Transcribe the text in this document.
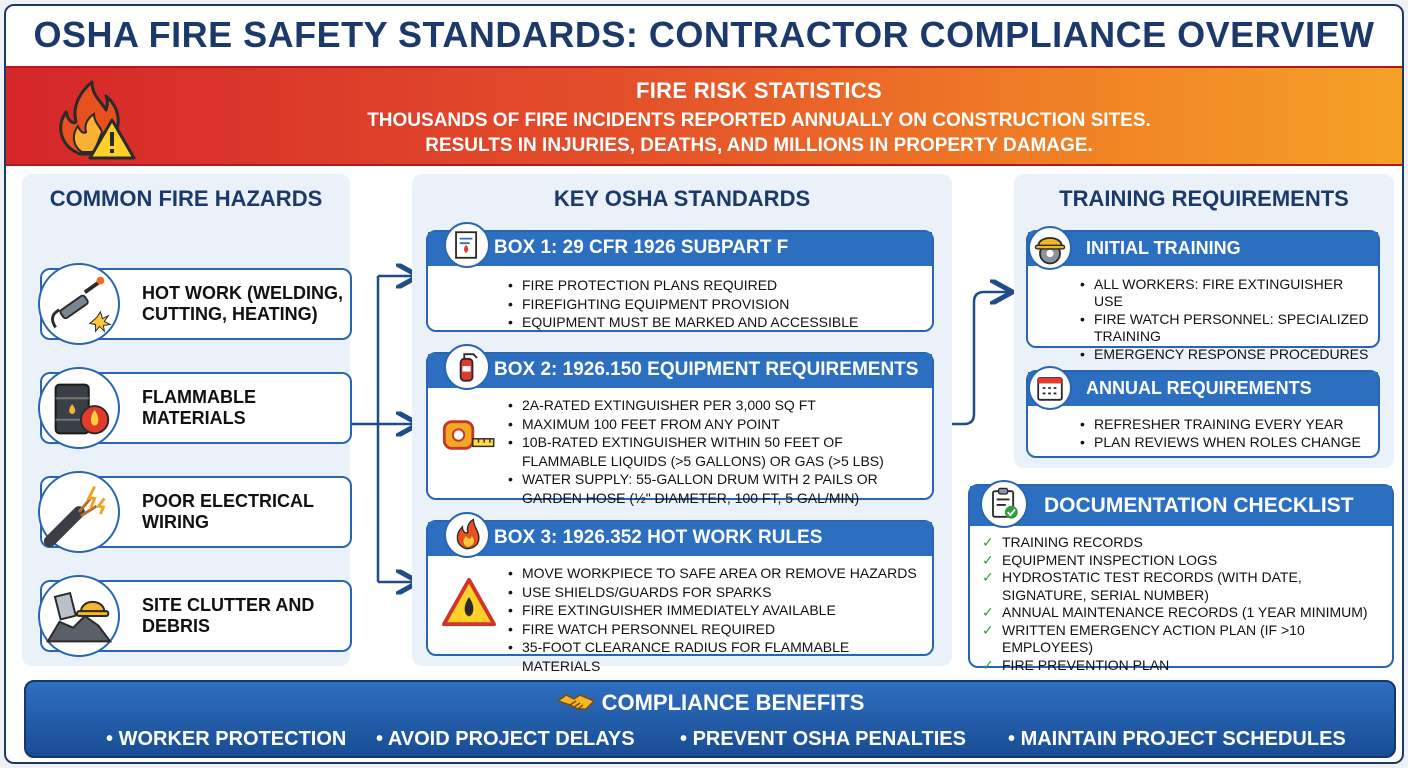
OSHA FIRE SAFETY STANDARDS: CONTRACTOR COMPLIANCE OVERVIEW
FIRE RISK STATISTICS
THOUSANDS OF FIRE INCIDENTS REPORTED ANNUALLY ON CONSTRUCTION SITES.
RESULTS IN INJURIES, DEATHS, AND MILLIONS IN PROPERTY DAMAGE.
COMMON FIRE HAZARDS
HOT WORK (WELDING, CUTTING, HEATING)
FLAMMABLE MATERIALS
POOR ELECTRICAL WIRING
SITE CLUTTER AND DEBRIS
KEY OSHA STANDARDS
BOX 1: 29 CFR 1926 SUBPART F
• FIRE PROTECTION PLANS REQUIRED
• FIREFIGHTING EQUIPMENT PROVISION
• EQUIPMENT MUST BE MARKED AND ACCESSIBLE
BOX 2: 1926.150 EQUIPMENT REQUIREMENTS
• 2A-RATED EXTINGUISHER PER 3,000 SQ FT
• MAXIMUM 100 FEET FROM ANY POINT
• 10B-RATED EXTINGUISHER WITHIN 50 FEET OF FLAMMABLE LIQUIDS (>5 GALLONS) OR GAS (>5 LBS)
• WATER SUPPLY: 55-GALLON DRUM WITH 2 PAILS OR GARDEN HOSE (½" DIAMETER, 100 FT, 5 GAL/MIN)
BOX 3: 1926.352 HOT WORK RULES
• MOVE WORKPIECE TO SAFE AREA OR REMOVE HAZARDS
• USE SHIELDS/GUARDS FOR SPARKS
• FIRE EXTINGUISHER IMMEDIATELY AVAILABLE
• FIRE WATCH PERSONNEL REQUIRED
• 35-FOOT CLEARANCE RADIUS FOR FLAMMABLE MATERIALS
TRAINING REQUIREMENTS
INITIAL TRAINING
• ALL WORKERS: FIRE EXTINGUISHER USE
• FIRE WATCH PERSONNEL: SPECIALIZED TRAINING
• EMERGENCY RESPONSE PROCEDURES
ANNUAL REQUIREMENTS
• REFRESHER TRAINING EVERY YEAR
• PLAN REVIEWS WHEN ROLES CHANGE
DOCUMENTATION CHECKLIST
✓ TRAINING RECORDS
✓ EQUIPMENT INSPECTION LOGS
✓ HYDROSTATIC TEST RECORDS (WITH DATE, SIGNATURE, SERIAL NUMBER)
✓ ANNUAL MAINTENANCE RECORDS (1 YEAR MINIMUM)
✓ WRITTEN EMERGENCY ACTION PLAN (IF >10 EMPLOYEES)
✓ FIRE PREVENTION PLAN
COMPLIANCE BENEFITS
• WORKER PROTECTION	• AVOID PROJECT DELAYS	• PREVENT OSHA PENALTIES	• MAINTAIN PROJECT SCHEDULES
